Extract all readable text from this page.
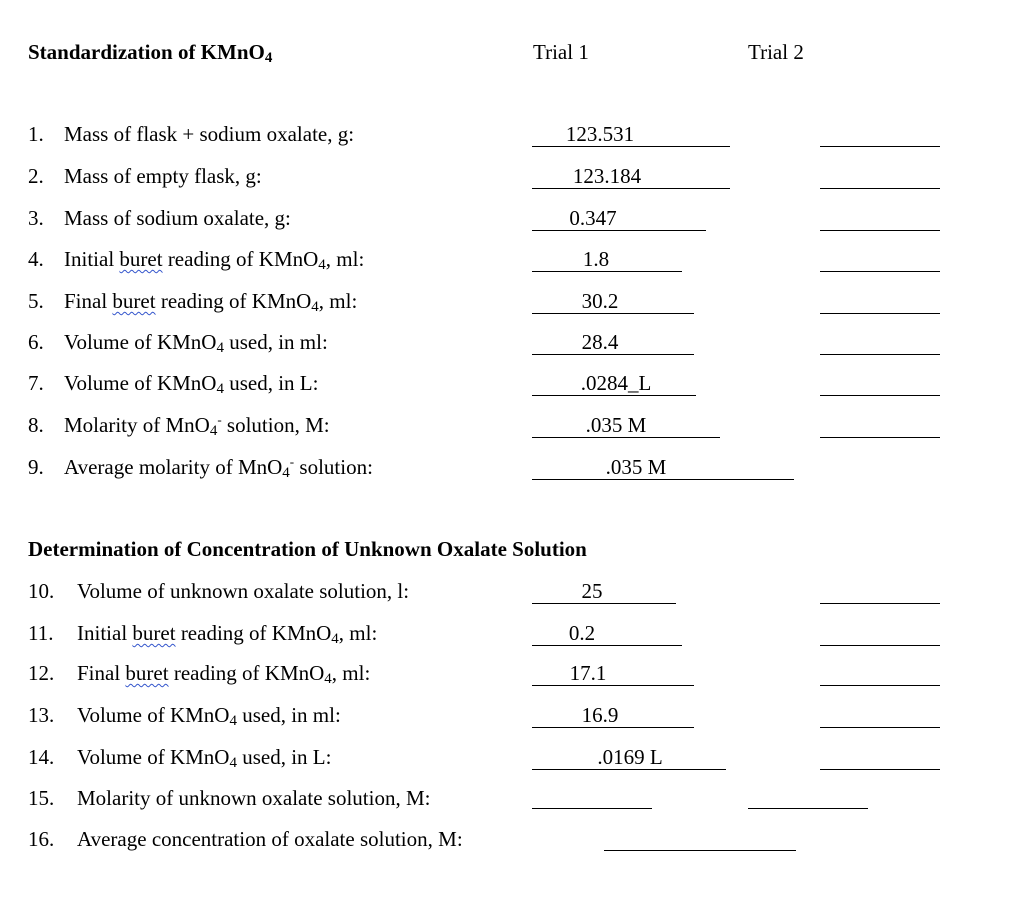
Standardization of KMnO$_4$	Trial 1	Trial 2
1. Mass of flask + sodium oxalate, g:	123.531
2. Mass of empty flask, g:	123.184
3. Mass of sodium oxalate, g:	0.347
4. Initial buret reading of KMnO$_4$, ml:	1.8
5. Final buret reading of KMnO$_4$, ml:	30.2
6. Volume of KMnO$_4$ used, in ml:	28.4
7. Volume of KMnO$_4$ used, in L:	.0284_L
8. Molarity of MnO$_4$- solution, M:	.035 M
9. Average molarity of MnO$_4$- solution:	.035 M
Determination of Concentration of Unknown Oxalate Solution
10. Volume of unknown oxalate solution, l:	25
11. Initial buret reading of KMnO$_4$, ml:	0.2
12. Final buret reading of KMnO$_4$, ml:	17.1
13. Volume of KMnO$_4$ used, in ml:	16.9
14. Volume of KMnO$_4$ used, in L:	.0169 L
15. Molarity of unknown oxalate solution, M:
16. Average concentration of oxalate solution, M:
